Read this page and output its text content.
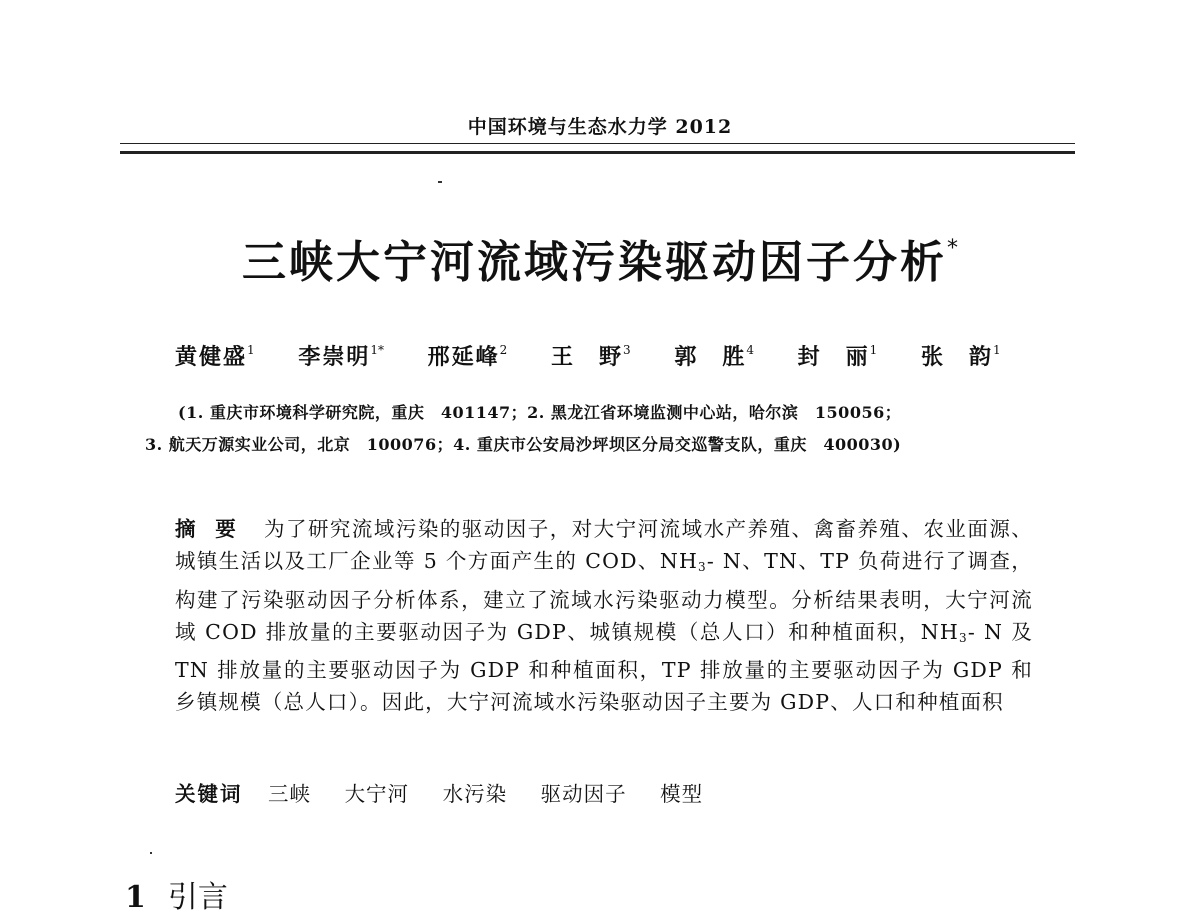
中国环境与生态水力学 2012
三峡大宁河流域污染驱动因子分析*
黄健盛$^1$ 李崇明$^{1*}$ 邢延峰$^2$ 王　野$^3$ 郭　胜$^4$ 封　丽$^1$ 张　韵$^1$
(1. 重庆市环境科学研究院，重庆　401147；2. 黑龙江省环境监测中心站，哈尔滨　150056；
3. 航天万源实业公司，北京　100076；4. 重庆市公安局沙坪坝区分局交巡警支队，重庆　400030)
摘 要 为了研究流域污染的驱动因子，对大宁河流域水产养殖、禽畜养殖、农业面源、城镇生活以及工厂企业等 5 个方面产生的 COD、NH3- N、TN、TP 负荷进行了调查，构建了污染驱动因子分析体系，建立了流域水污染驱动力模型。分析结果表明，大宁河流域 COD 排放量的主要驱动因子为 GDP、城镇规模（总人口）和种植面积，NH3- N 及 TN 排放量的主要驱动因子为 GDP 和种植面积，TP 排放量的主要驱动因子为 GDP 和乡镇规模（总人口）。因此，大宁河流域水污染驱动因子主要为 GDP、人口和种植面积
关键词 三峡 大宁河 水污染 驱动因子 模型
1 引言
